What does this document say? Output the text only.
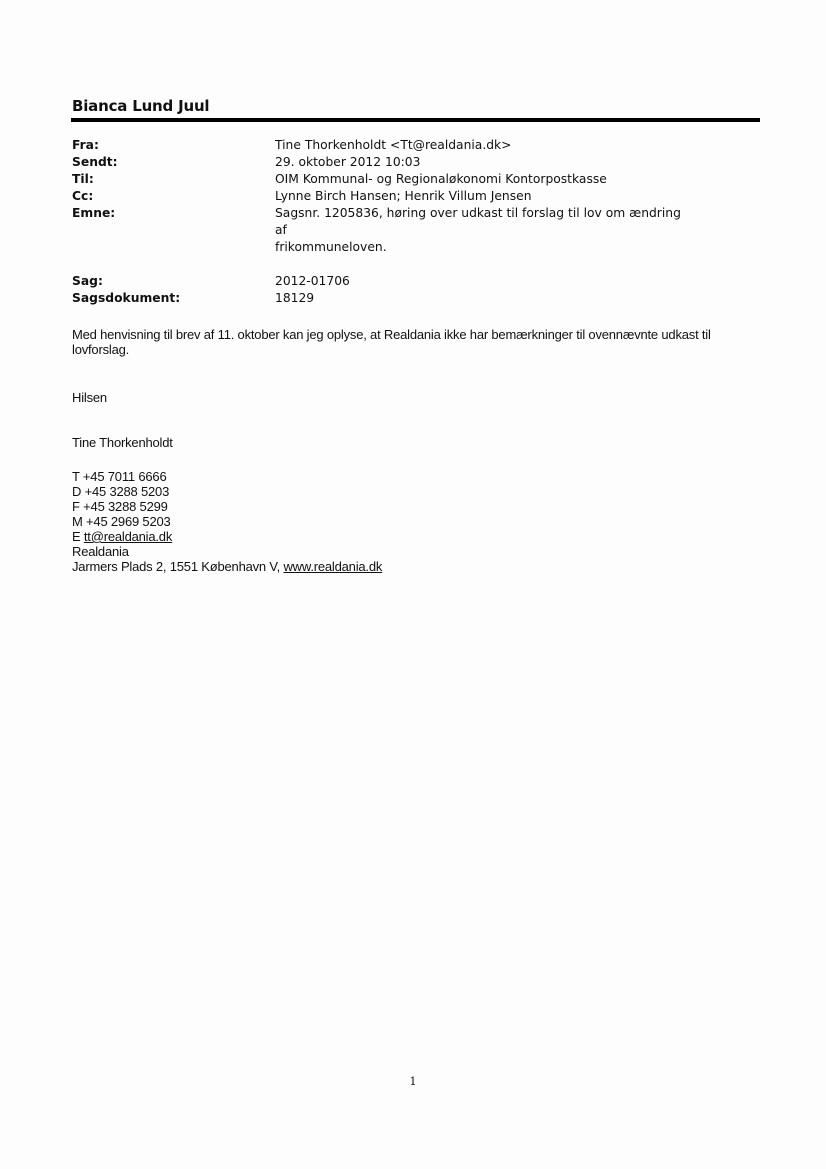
Bianca Lund Juul
Fra:	Tine Thorkenholdt <Tt@realdania.dk>
Sendt:	29. oktober 2012 10:03
Til:	OIM Kommunal- og Regionaløkonomi Kontorpostkasse
Cc:	Lynne Birch Hansen; Henrik Villum Jensen
Emne:	Sagsnr. 1205836, høring over udkast til forslag til lov om ændring af
frikommuneloven.
Sag:	2012-01706
Sagsdokument:	18129
Med henvisning til brev af 11. oktober kan jeg oplyse, at Realdania ikke har bemærkninger til ovennævnte udkast til
lovforslag.
Hilsen
Tine Thorkenholdt
T +45 7011 6666
D +45 3288 5203
F +45 3288 5299
M +45 2969 5203
E tt@realdania.dk
Realdania
Jarmers Plads 2, 1551 København V, www.realdania.dk
1
